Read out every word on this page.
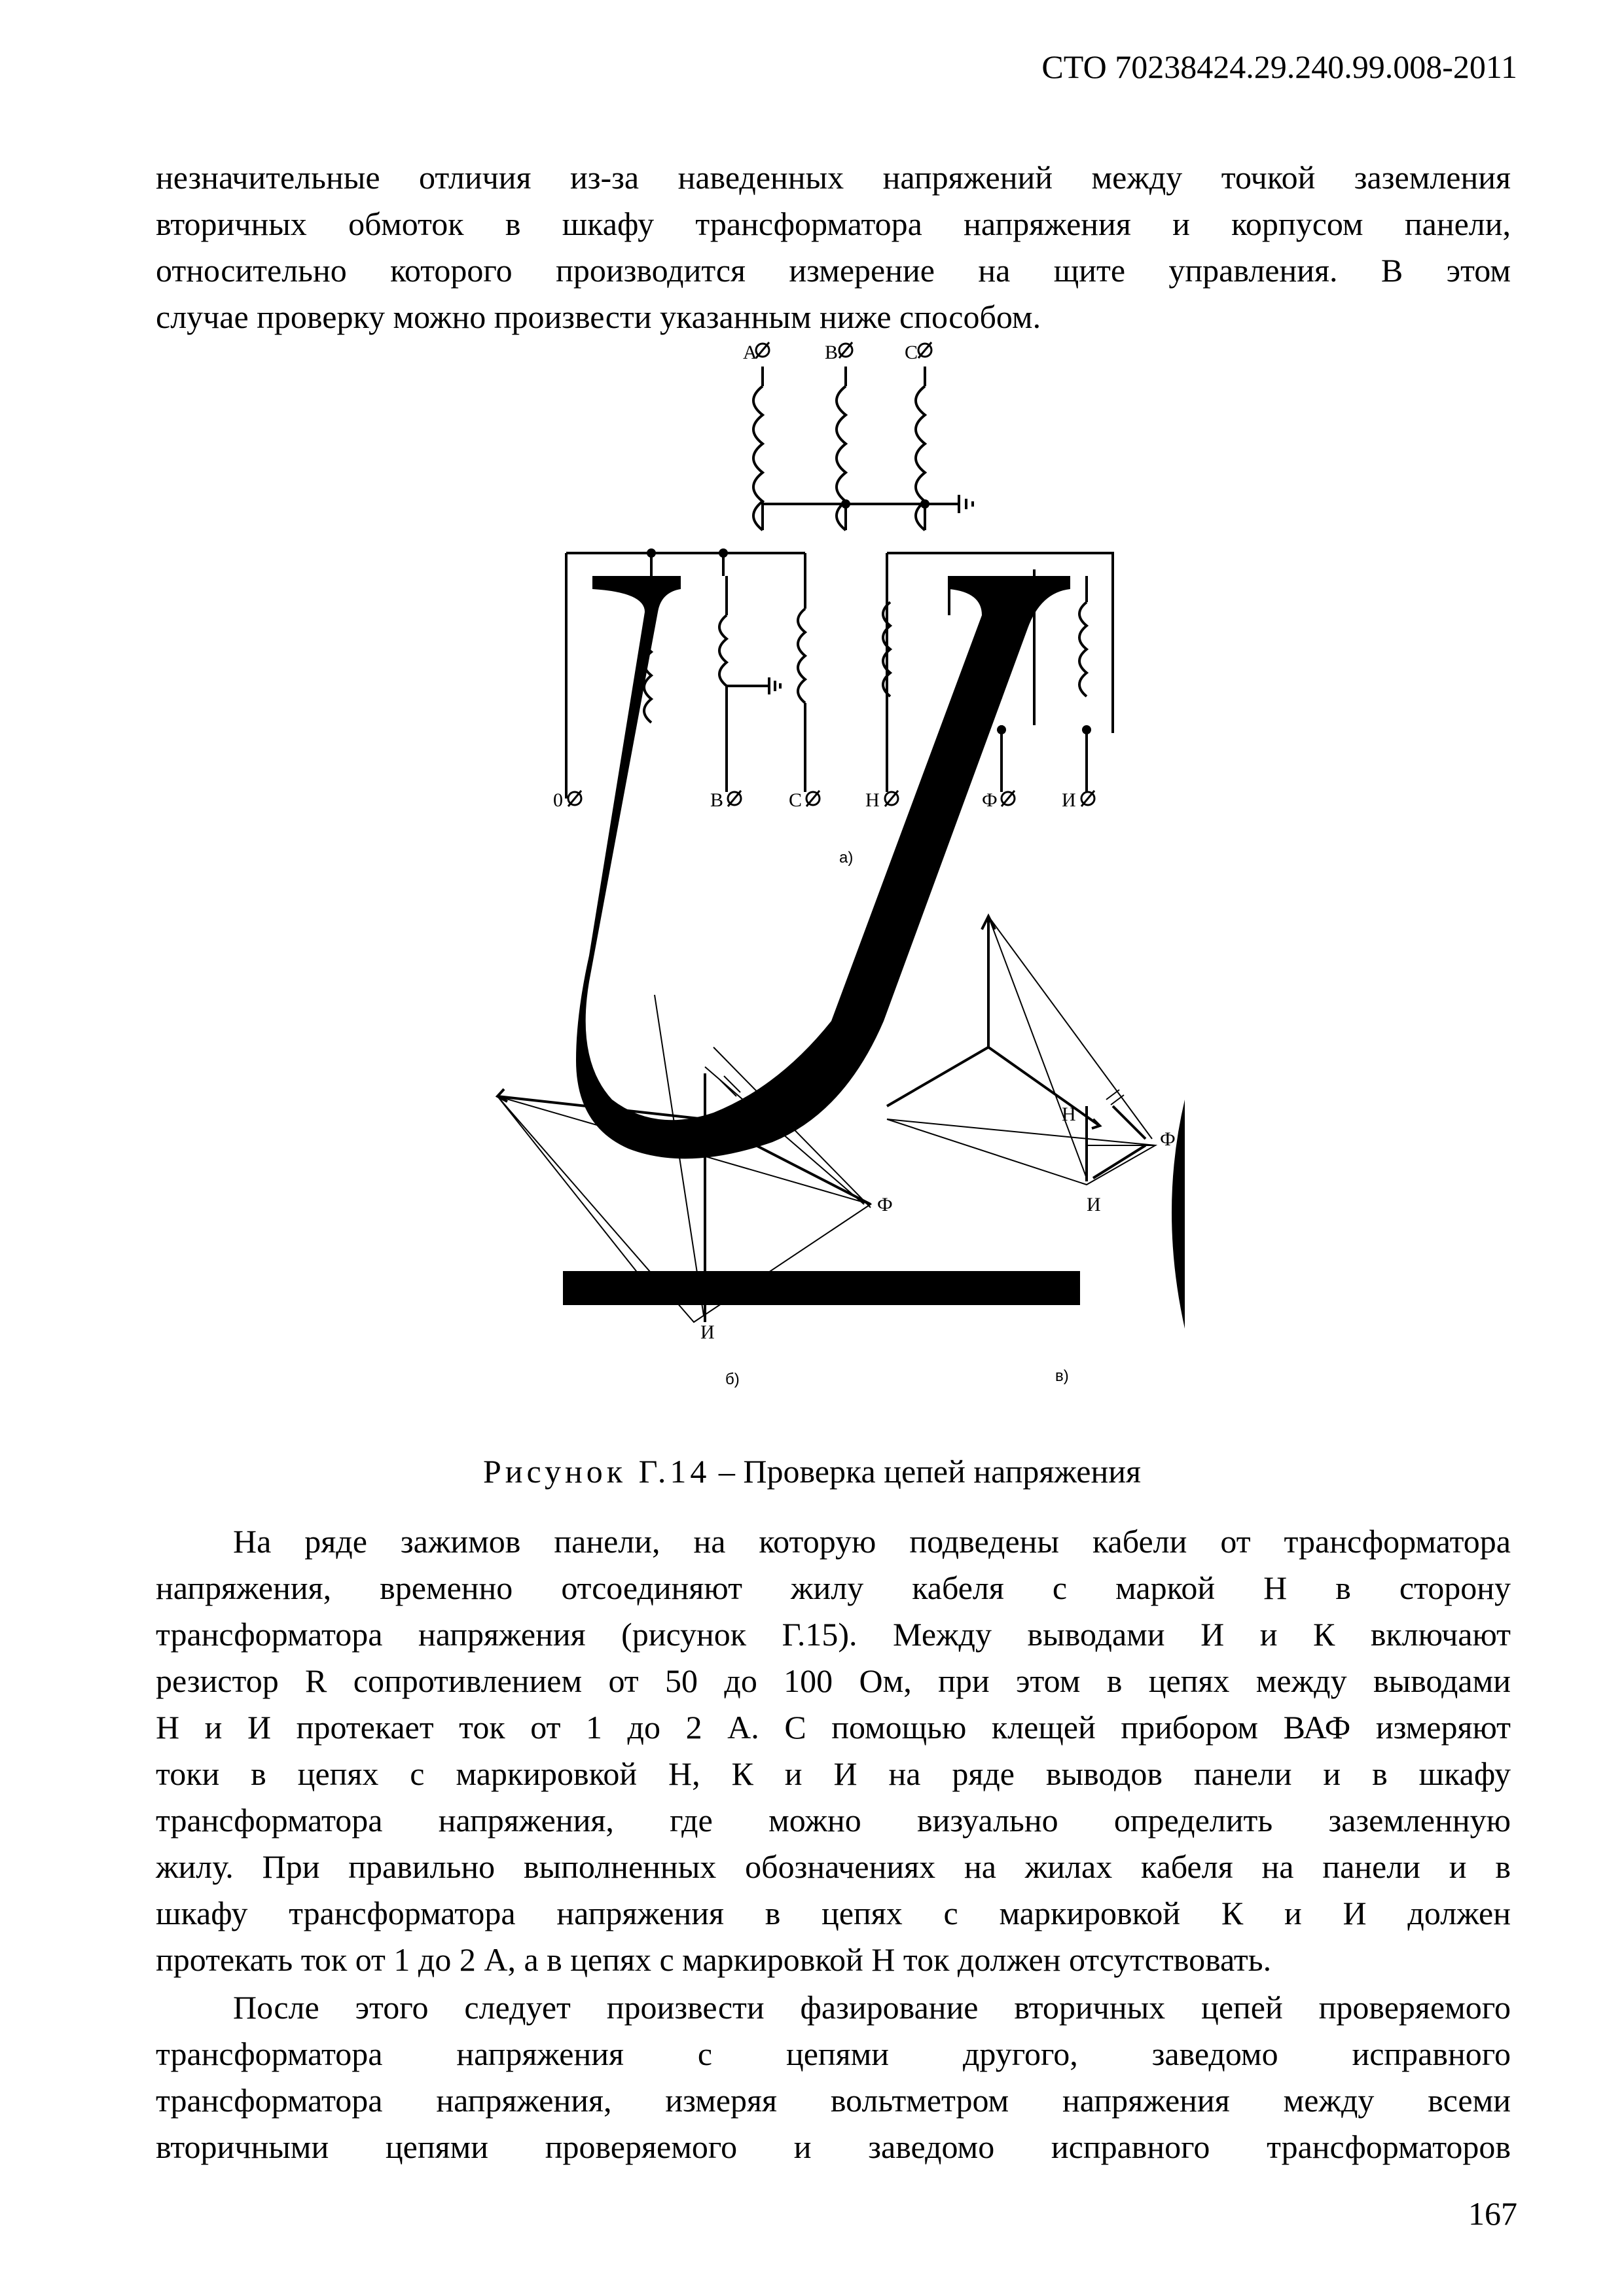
СТО 70238424.29.240.99.008-2011
незначительные отличия из-за наведенных напряжений между точкой заземления
вторичных обмоток в шкафу трансформатора напряжения и корпусом панели,
относительно которого производится измерение на щите управления. В этом
случае проверку можно произвести указанным ниже способом.
A	B	C
0	B	C	Н	Ф	И
а)
Ф
И
б)
Н
Ф
И
в)
Рисунок Г.14 – Проверка цепей напряжения
На ряде зажимов панели, на которую подведены кабели от трансформатора
напряжения, временно отсоединяют жилу кабеля с маркой Н в сторону
трансформатора напряжения (рисунок Г.15). Между выводами И и К включают
резистор R сопротивлением от 50 до 100 Ом, при этом в цепях между выводами
Н и И протекает ток от 1 до 2 А. С помощью клещей прибором ВАФ измеряют
токи в цепях с маркировкой Н, К и И на ряде выводов панели и в шкафу
трансформатора напряжения, где можно визуально определить заземленную
жилу. При правильно выполненных обозначениях на жилах кабеля на панели и в
шкафу трансформатора напряжения в цепях с маркировкой К и И должен
протекать ток от 1 до 2 А, а в цепях с маркировкой Н ток должен отсутствовать.
После этого следует произвести фазирование вторичных цепей проверяемого
трансформатора напряжения с цепями другого, заведомо исправного
трансформатора напряжения, измеряя вольтметром напряжения между всеми
вторичными цепями проверяемого и заведомо исправного трансформаторов
167
